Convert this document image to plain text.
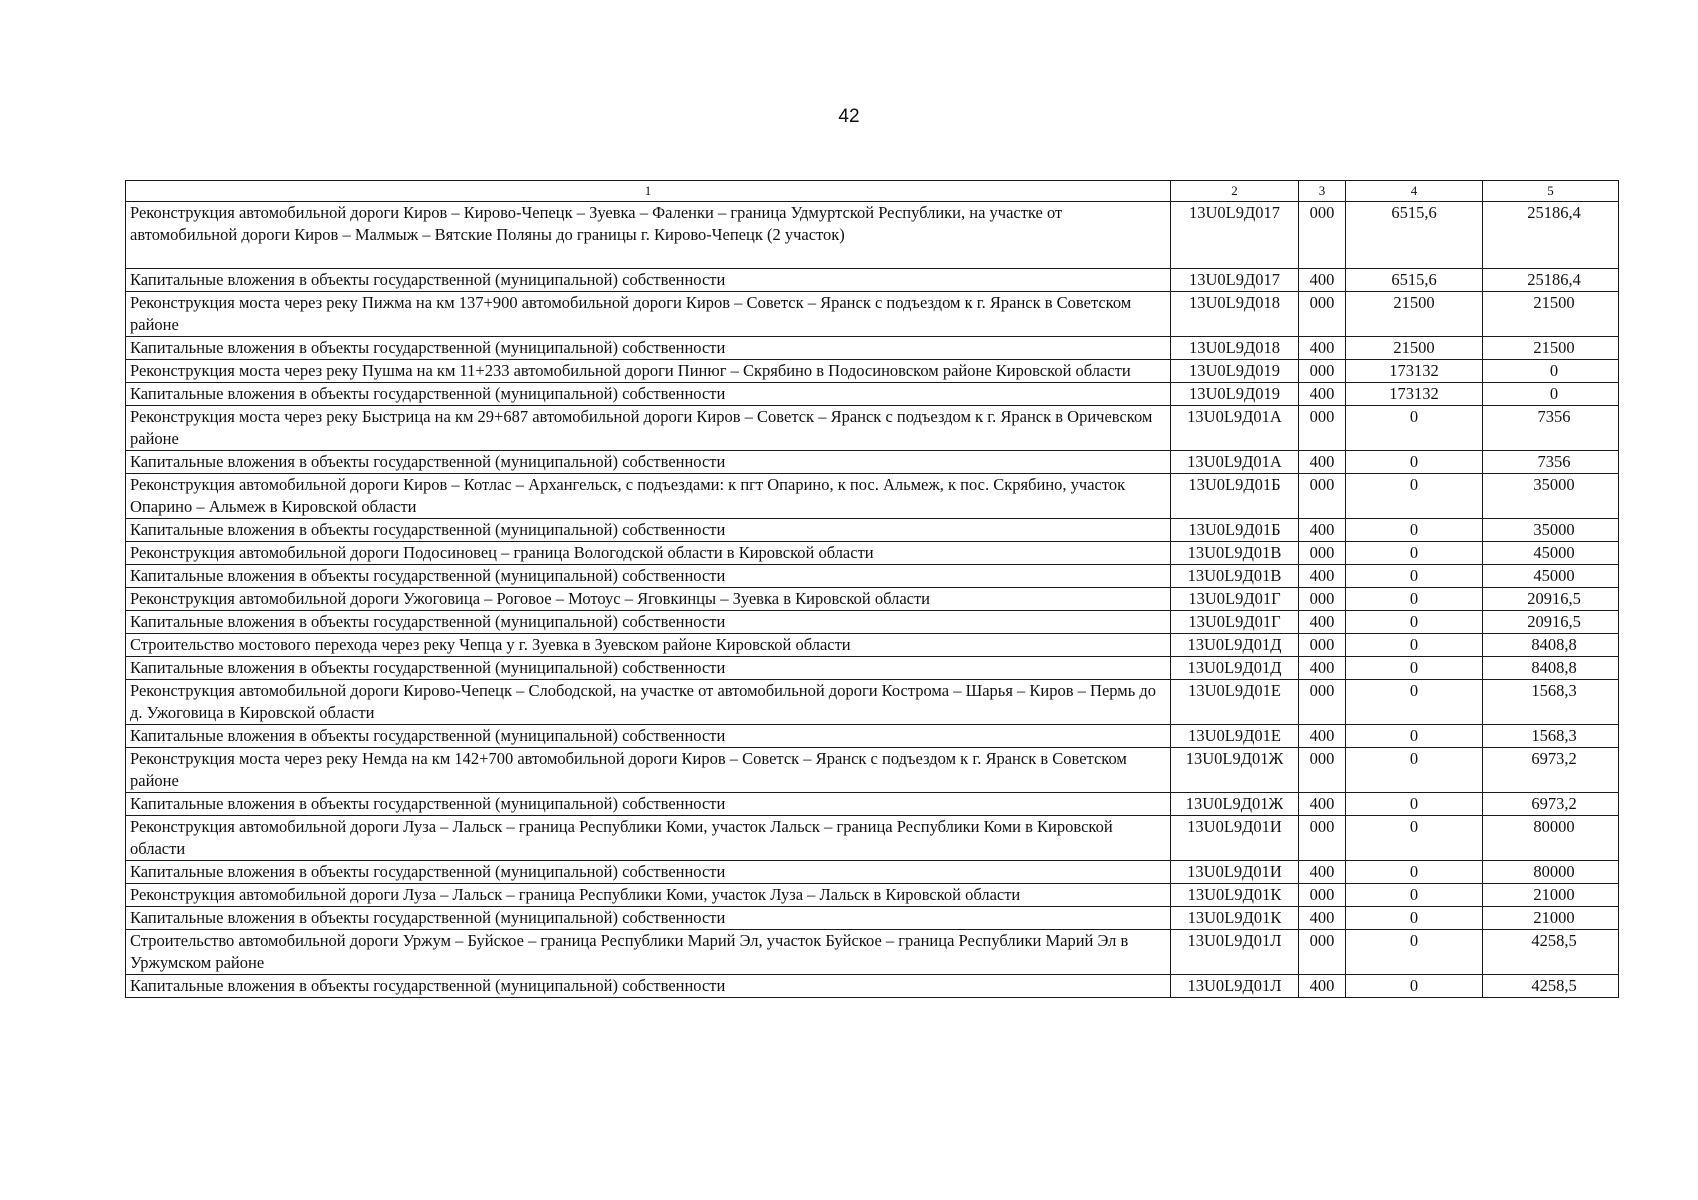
42
1	2	3	4	5
Реконструкция автомобильной дороги Киров – Кирово-Чепецк – Зуевка – Фаленки – граница Удмуртской Республики, на участке от автомобильной дороги Киров – Малмыж – Вятские Поляны до границы г. Кирово-Чепецк (2 участок)	13U0L9Д017	000	6515,6	25186,4
Капитальные вложения в объекты государственной (муниципальной) собственности	13U0L9Д017	400	6515,6	25186,4
Реконструкция моста через реку Пижма на км 137+900 автомобильной дороги Киров – Советск – Яранск с подъездом к г. Яранск в Советском районе	13U0L9Д018	000	21500	21500
Капитальные вложения в объекты государственной (муниципальной) собственности	13U0L9Д018	400	21500	21500
Реконструкция моста через реку Пушма на км 11+233 автомобильной дороги Пинюг – Скрябино в Подосиновском районе Кировской области	13U0L9Д019	000	173132	0
Капитальные вложения в объекты государственной (муниципальной) собственности	13U0L9Д019	400	173132	0
Реконструкция моста через реку Быстрица на км 29+687 автомобильной дороги Киров – Советск – Яранск с подъездом к г. Яранск в Оричевском районе	13U0L9Д01А	000	0	7356
Капитальные вложения в объекты государственной (муниципальной) собственности	13U0L9Д01А	400	0	7356
Реконструкция автомобильной дороги Киров – Котлас – Архангельск, с подъездами: к пгт Опарино, к пос. Альмеж, к пос. Скрябино, участок Опарино – Альмеж в Кировской области	13U0L9Д01Б	000	0	35000
Капитальные вложения в объекты государственной (муниципальной) собственности	13U0L9Д01Б	400	0	35000
Реконструкция автомобильной дороги Подосиновец – граница Вологодской области в Кировской области	13U0L9Д01В	000	0	45000
Капитальные вложения в объекты государственной (муниципальной) собственности	13U0L9Д01В	400	0	45000
Реконструкция автомобильной дороги Ужоговица – Роговое – Мотоус – Яговкинцы – Зуевка в Кировской области	13U0L9Д01Г	000	0	20916,5
Капитальные вложения в объекты государственной (муниципальной) собственности	13U0L9Д01Г	400	0	20916,5
Строительство мостового перехода через реку Чепца у г. Зуевка в Зуевском районе Кировской области	13U0L9Д01Д	000	0	8408,8
Капитальные вложения в объекты государственной (муниципальной) собственности	13U0L9Д01Д	400	0	8408,8
Реконструкция автомобильной дороги Кирово-Чепецк – Слободской, на участке от автомобильной дороги Кострома – Шарья – Киров – Пермь до д. Ужоговица в Кировской области	13U0L9Д01Е	000	0	1568,3
Капитальные вложения в объекты государственной (муниципальной) собственности	13U0L9Д01Е	400	0	1568,3
Реконструкция моста через реку Немда на км 142+700 автомобильной дороги Киров – Советск – Яранск с подъездом к г. Яранск в Советском районе	13U0L9Д01Ж	000	0	6973,2
Капитальные вложения в объекты государственной (муниципальной) собственности	13U0L9Д01Ж	400	0	6973,2
Реконструкция автомобильной дороги Луза – Лальск – граница Республики Коми, участок Лальск – граница Республики Коми в Кировской области	13U0L9Д01И	000	0	80000
Капитальные вложения в объекты государственной (муниципальной) собственности	13U0L9Д01И	400	0	80000
Реконструкция автомобильной дороги Луза – Лальск – граница Республики Коми, участок Луза – Лальск в Кировской области	13U0L9Д01К	000	0	21000
Капитальные вложения в объекты государственной (муниципальной) собственности	13U0L9Д01К	400	0	21000
Строительство автомобильной дороги Уржум – Буйское – граница Республики Марий Эл, участок Буйское – граница Республики Марий Эл в Уржумском районе	13U0L9Д01Л	000	0	4258,5
Капитальные вложения в объекты государственной (муниципальной) собственности	13U0L9Д01Л	400	0	4258,5
